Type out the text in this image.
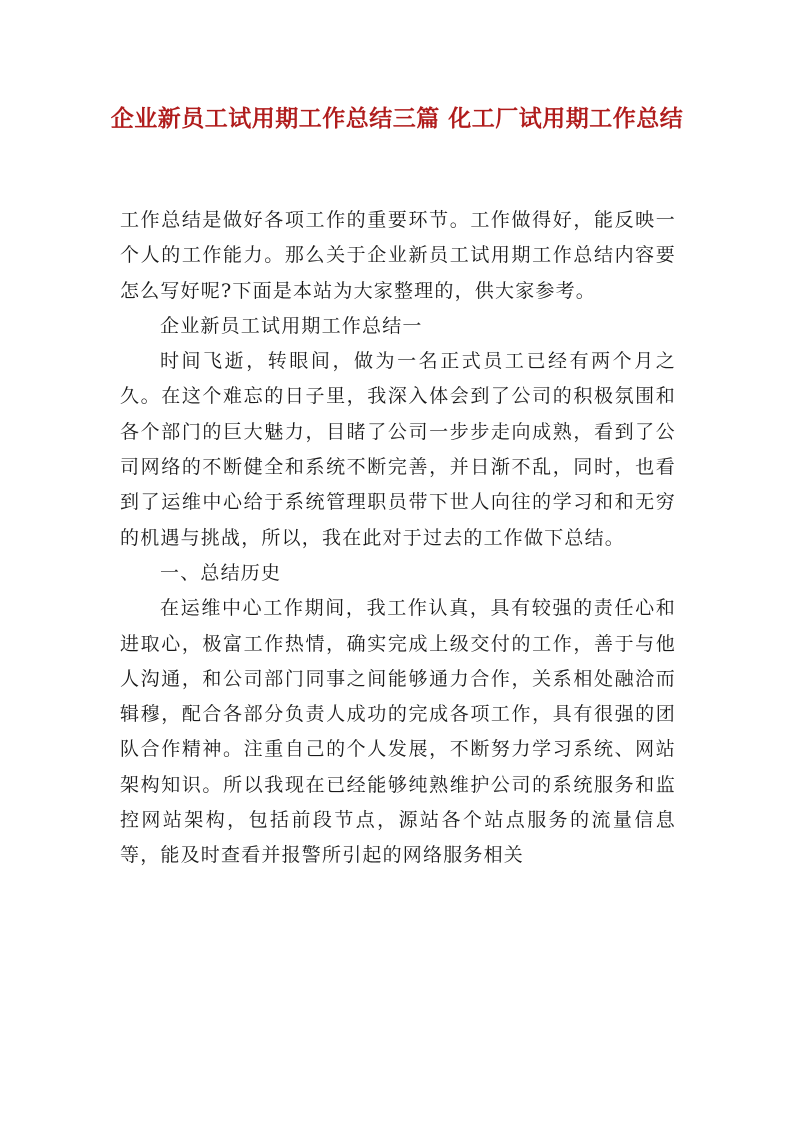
企业新员工试用期工作总结三篇 化工厂试用期工作总结

工作总结是做好各项工作的重要环节。工作做得好，能反映一个人的工作能力。那么关于企业新员工试用期工作总结内容要怎么写好呢?下面是本站为大家整理的，供大家参考。

企业新员工试用期工作总结一

时间飞逝，转眼间，做为一名正式员工已经有两个月之久。在这个难忘的日子里，我深入体会到了公司的积极氛围和各个部门的巨大魅力，目睹了公司一步步走向成熟，看到了公司网络的不断健全和系统不断完善，并日渐不乱，同时，也看到了运维中心给于系统管理职员带下世人向往的学习和和无穷的机遇与挑战，所以，我在此对于过去的工作做下总结。

一、总结历史

在运维中心工作期间，我工作认真，具有较强的责任心和进取心，极富工作热情，确实完成上级交付的工作，善于与他人沟通，和公司部门同事之间能够通力合作，关系相处融洽而辑穆，配合各部分负责人成功的完成各项工作，具有很强的团队合作精神。注重自己的个人发展，不断努力学习系统、网站架构知识。所以我现在已经能够纯熟维护公司的系统服务和监控网站架构，包括前段节点，源站各个站点服务的流量信息等，能及时查看并报警所引起的网络服务相关
